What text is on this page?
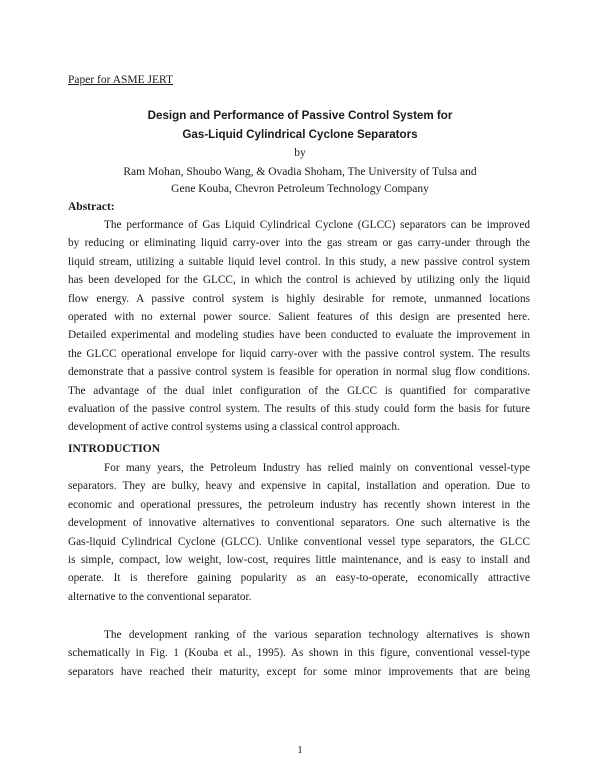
Paper for ASME JERT
Design and Performance of Passive Control System for
Gas-Liquid Cylindrical Cyclone Separators
by
Ram Mohan, Shoubo Wang, & Ovadia Shoham, The University of Tulsa and
Gene Kouba, Chevron Petroleum Technology Company
Abstract:
The performance of Gas Liquid Cylindrical Cyclone (GLCC) separators can be improved
by reducing or eliminating liquid carry-over into the gas stream or gas carry-under through the
liquid stream, utilizing a suitable liquid level control. In this study, a new passive control system
has been developed for the GLCC, in which the control is achieved by utilizing only the liquid
flow energy. A passive control system is highly desirable for remote, unmanned locations
operated with no external power source. Salient features of this design are presented here.
Detailed experimental and modeling studies have been conducted to evaluate the improvement in
the GLCC operational envelope for liquid carry-over with the passive control system. The results
demonstrate that a passive control system is feasible for operation in normal slug flow conditions.
The advantage of the dual inlet configuration of the GLCC is quantified for comparative
evaluation of the passive control system. The results of this study could form the basis for future
development of active control systems using a classical control approach.
INTRODUCTION
For many years, the Petroleum Industry has relied mainly on conventional vessel-type
separators. They are bulky, heavy and expensive in capital, installation and operation. Due to
economic and operational pressures, the petroleum industry has recently shown interest in the
development of innovative alternatives to conventional separators. One such alternative is the
Gas-liquid Cylindrical Cyclone (GLCC). Unlike conventional vessel type separators, the GLCC
is simple, compact, low weight, low-cost, requires little maintenance, and is easy to install and
operate. It is therefore gaining popularity as an easy-to-operate, economically attractive
alternative to the conventional separator.
The development ranking of the various separation technology alternatives is shown
schematically in Fig. 1 (Kouba et al., 1995). As shown in this figure, conventional vessel-type
separators have reached their maturity, except for some minor improvements that are being
1
